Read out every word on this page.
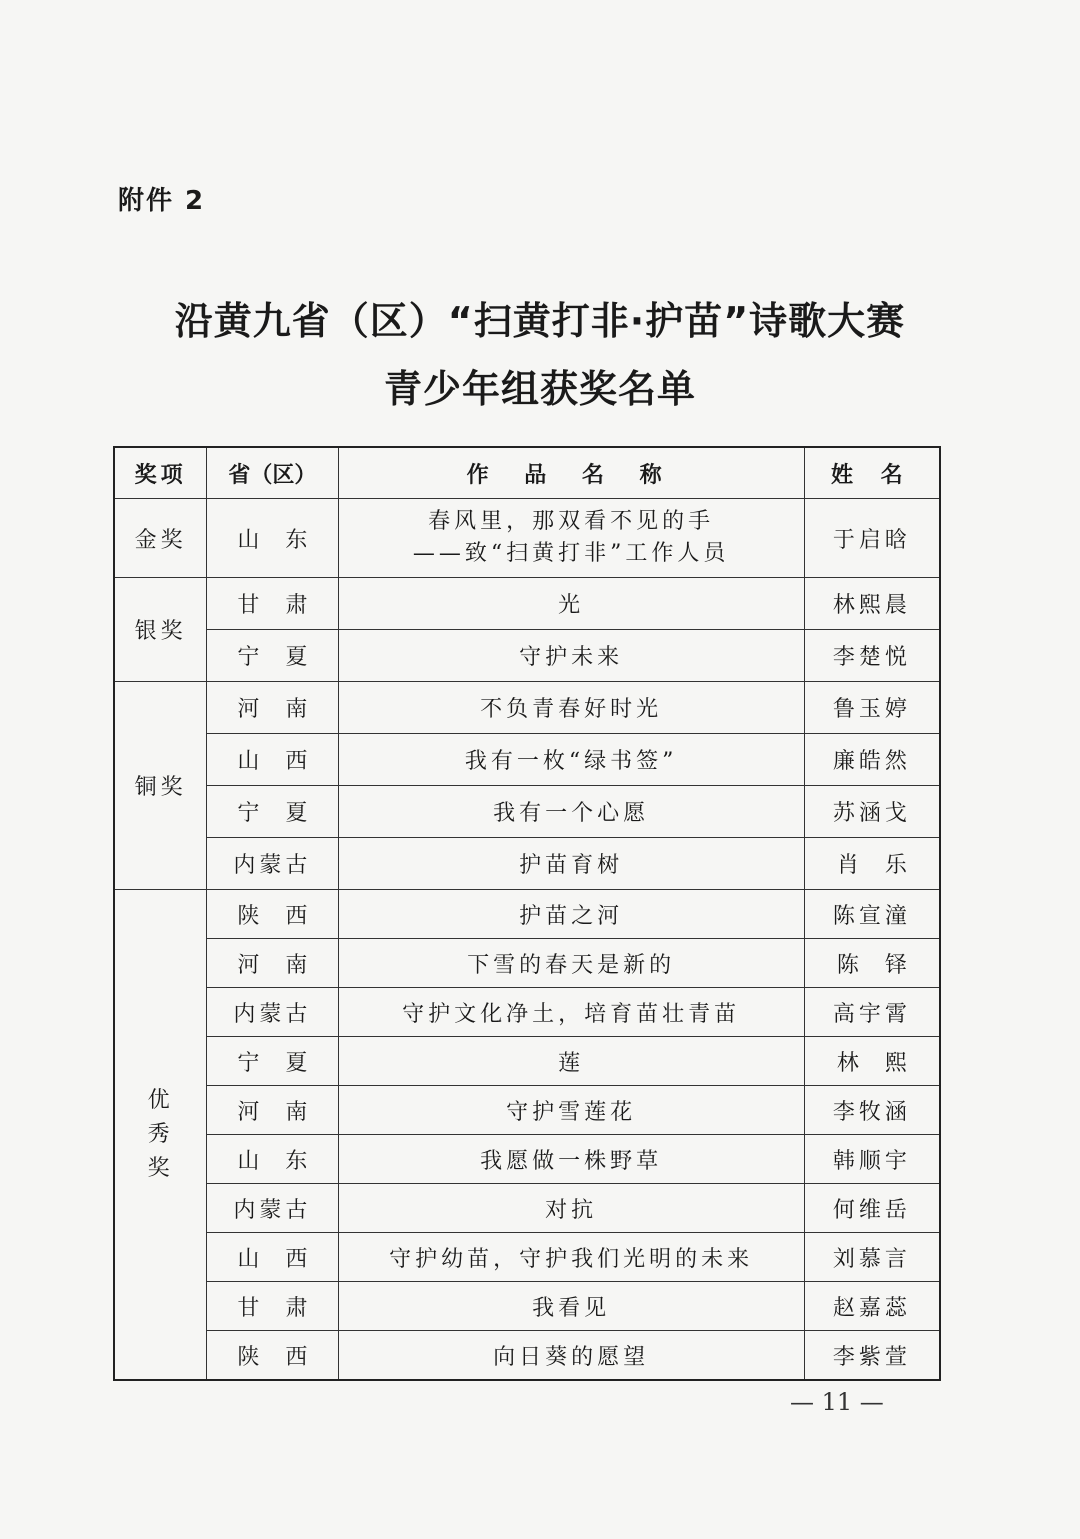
附件 2
沿黄九省（区）“扫黄打非·护苗”诗歌大赛
青少年组获奖名单
奖项	省（区）	作 品 名 称	姓 名
金奖	山东	春风里，那双看不见的手
——致“扫黄打非”工作人员	于启晗
银奖	甘肃	光	林熙晨
	宁夏	守护未来	李楚悦
铜奖	河南	不负青春好时光	鲁玉婷
	山西	我有一枚“绿书签”	廉皓然
	宁夏	我有一个心愿	苏涵戈
	内蒙古	护苗育树	肖乐
优秀奖	陕西	护苗之河	陈宣潼
	河南	下雪的春天是新的	陈铎
	内蒙古	守护文化净土，培育苗壮青苗	高宇霄
	宁夏	莲	林熙
	河南	守护雪莲花	李牧涵
	山东	我愿做一株野草	韩顺宇
	内蒙古	对抗	何维岳
	山西	守护幼苗，守护我们光明的未来	刘慕言
	甘肃	我看见	赵嘉蕊
	陕西	向日葵的愿望	李紫萱
— 11 —
